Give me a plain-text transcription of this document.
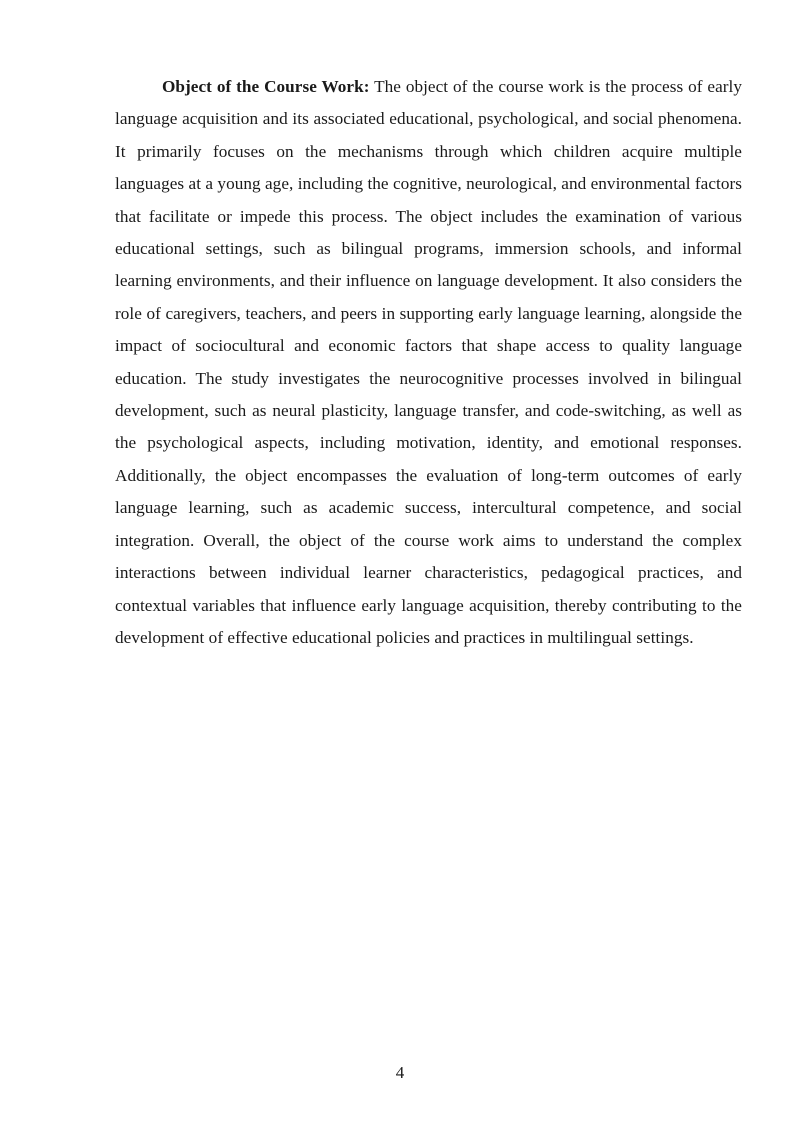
Object of the Course Work: The object of the course work is the process of early language acquisition and its associated educational, psychological, and social phenomena. It primarily focuses on the mechanisms through which children acquire multiple languages at a young age, including the cognitive, neurological, and environmental factors that facilitate or impede this process. The object includes the examination of various educational settings, such as bilingual programs, immersion schools, and informal learning environments, and their influence on language development. It also considers the role of caregivers, teachers, and peers in supporting early language learning, alongside the impact of sociocultural and economic factors that shape access to quality language education. The study investigates the neurocognitive processes involved in bilingual development, such as neural plasticity, language transfer, and code-switching, as well as the psychological aspects, including motivation, identity, and emotional responses. Additionally, the object encompasses the evaluation of long-term outcomes of early language learning, such as academic success, intercultural competence, and social integration. Overall, the object of the course work aims to understand the complex interactions between individual learner characteristics, pedagogical practices, and contextual variables that influence early language acquisition, thereby contributing to the development of effective educational policies and practices in multilingual settings.

4
